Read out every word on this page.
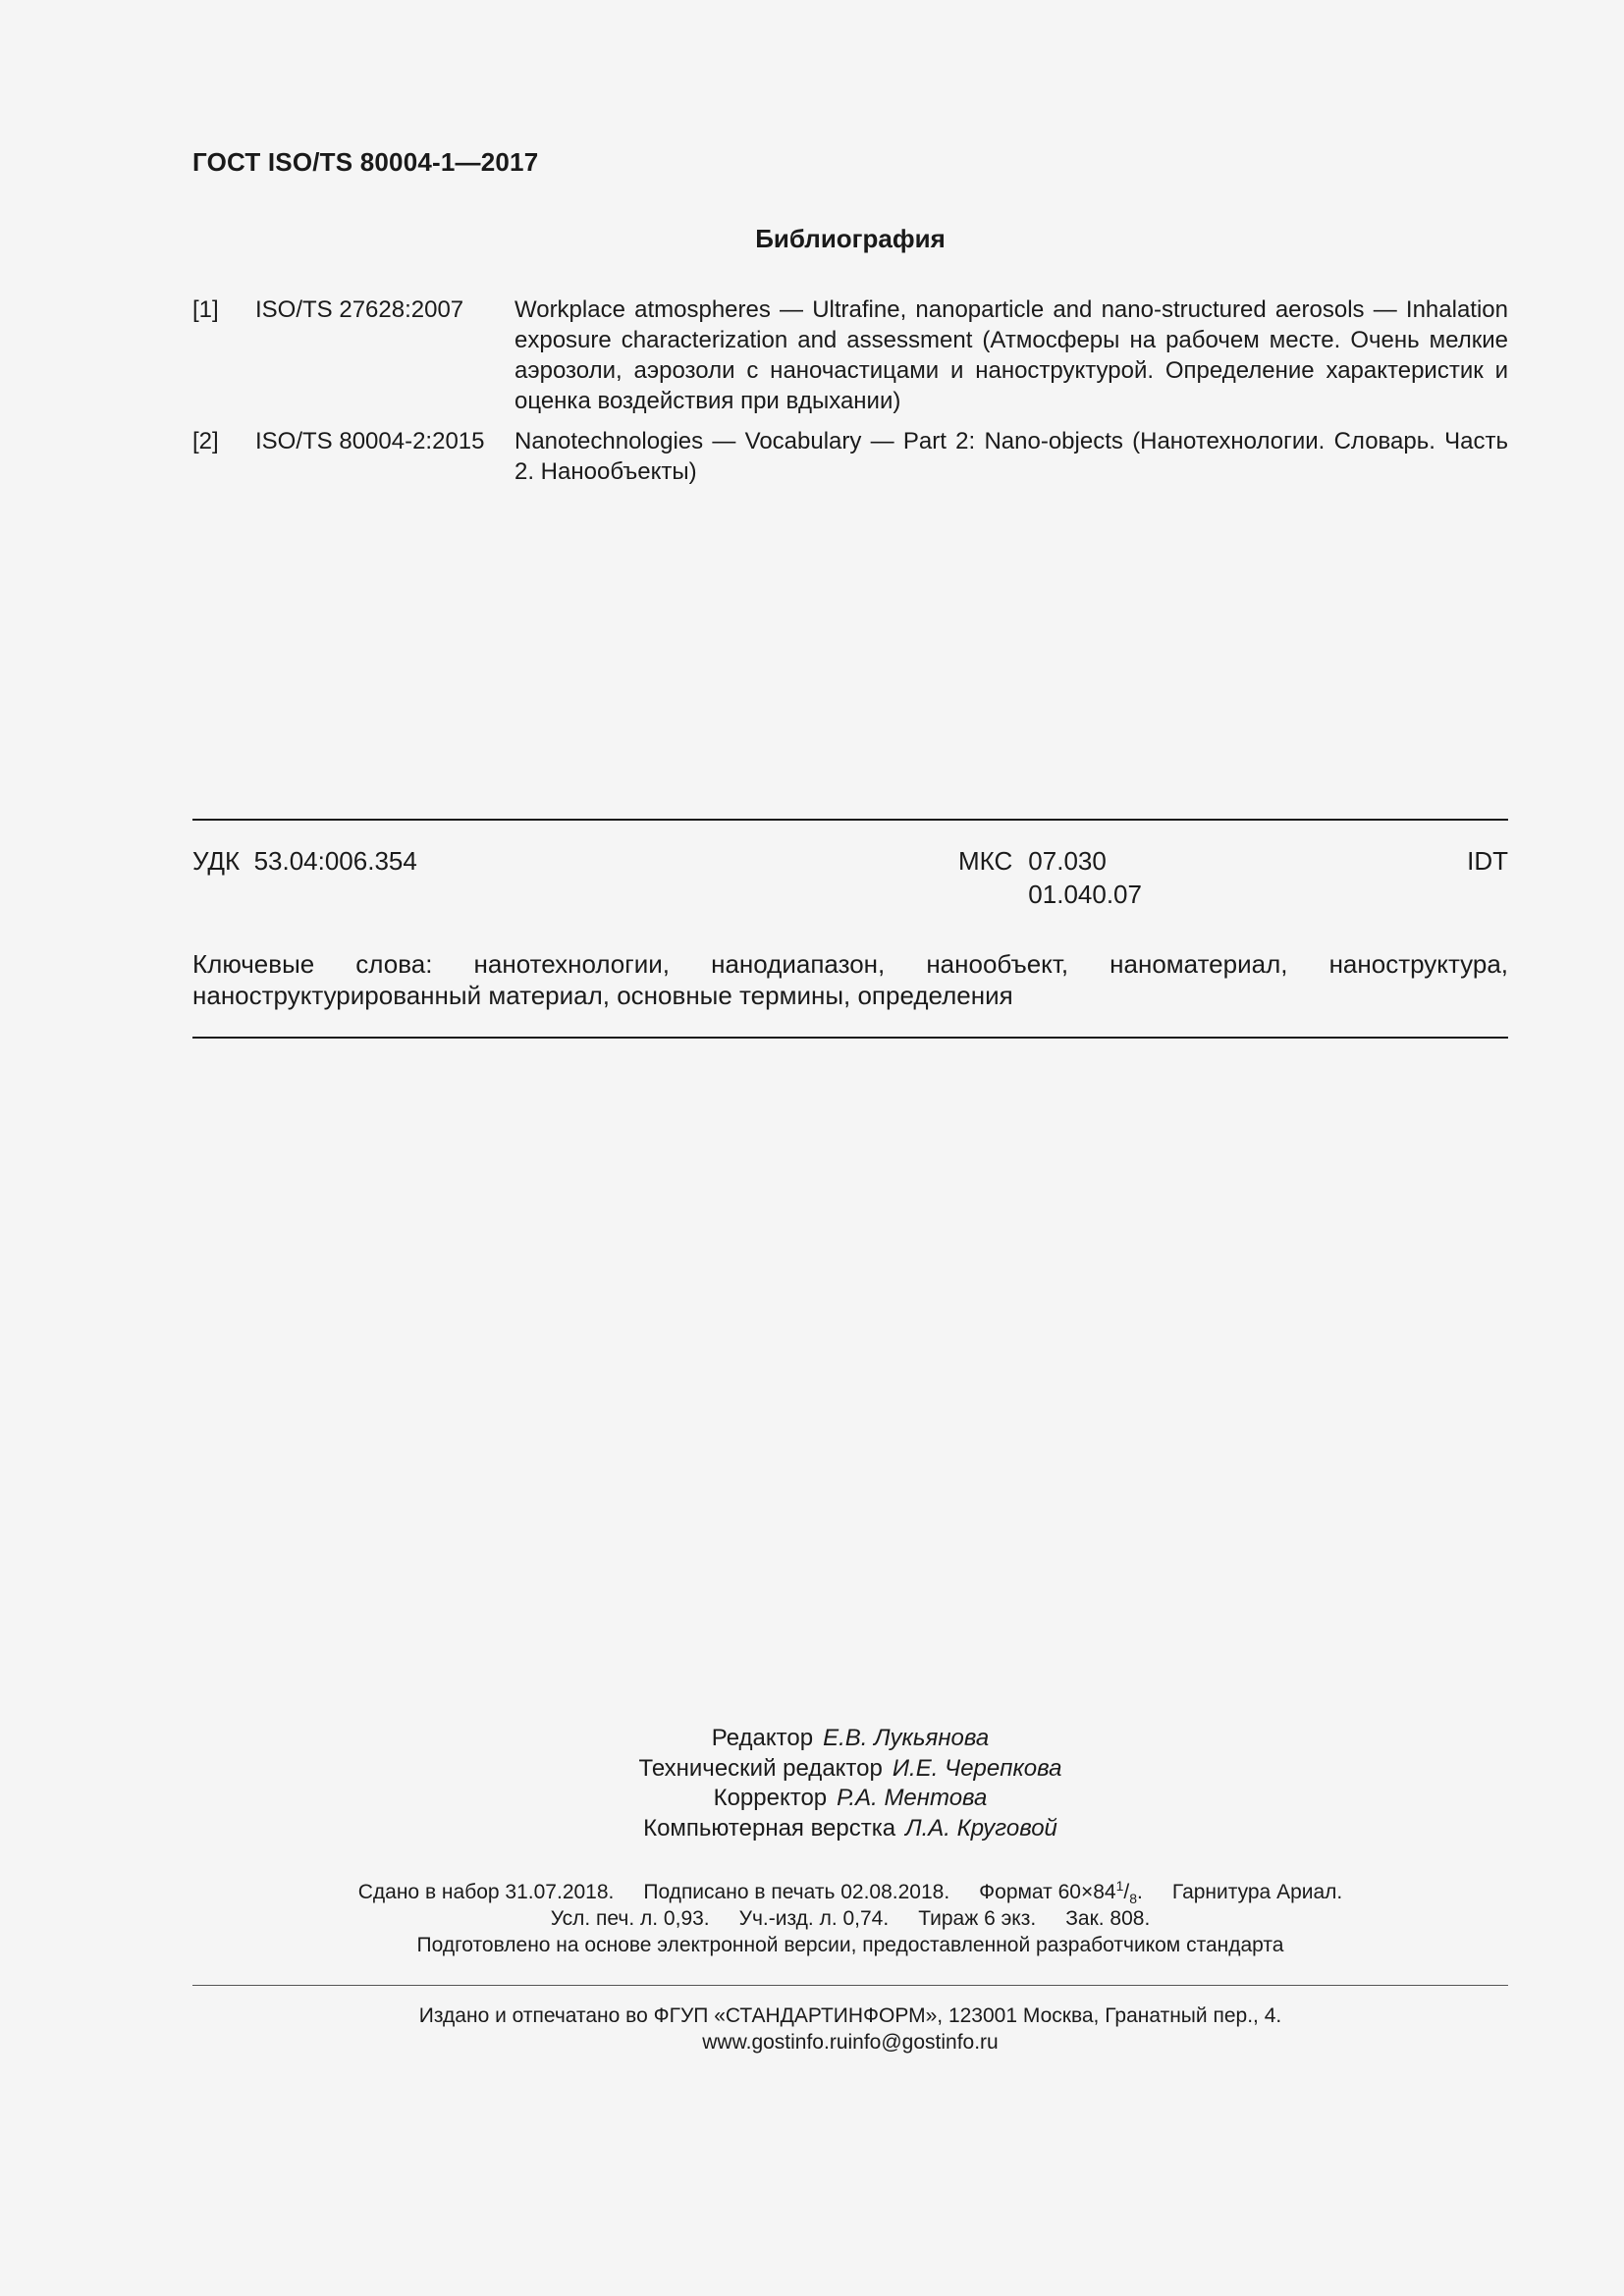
ГОСТ ISO/TS 80004-1—2017
Библиография
[1]	ISO/TS 27628:2007	Workplace atmospheres — Ultrafine, nanoparticle and nano-structured aerosols — Inhalation exposure characterization and assessment (Атмосферы на рабочем месте. Очень мелкие аэрозоли, аэрозоли с наночастицами и наноструктурой. Определение характеристик и оценка воздействия при вдыхании)
[2]	ISO/TS 80004-2:2015	Nanotechnologies — Vocabulary — Part 2: Nano-objects (Нанотехнологии. Словарь. Часть 2. Нанообъекты)
УДК 53.04:006.354	МКС 07.030
01.040.07
IDT
Ключевые слова: нанотехнологии, нанодиапазон, нанообъект, наноматериал, наноструктура, наноструктурированный материал, основные термины, определения
Редактор Е.В. Лукьянова
Технический редактор И.Е. Черепкова
Корректор Р.А. Ментова
Компьютерная верстка Л.А. Круговой
Сдано в набор 31.07.2018. Подписано в печать 02.08.2018. Формат $60\times 84^1/_8$. Гарнитура Ариал.
Усл. печ. л. 0,93. Уч.-изд. л. 0,74. Тираж 6 экз. Зак. 808.
Подготовлено на основе электронной версии, предоставленной разработчиком стандарта
Издано и отпечатано во ФГУП «СТАНДАРТИНФОРМ», 123001 Москва, Гранатный пер., 4.
www.gostinfo.ruinfo@gostinfo.ru
